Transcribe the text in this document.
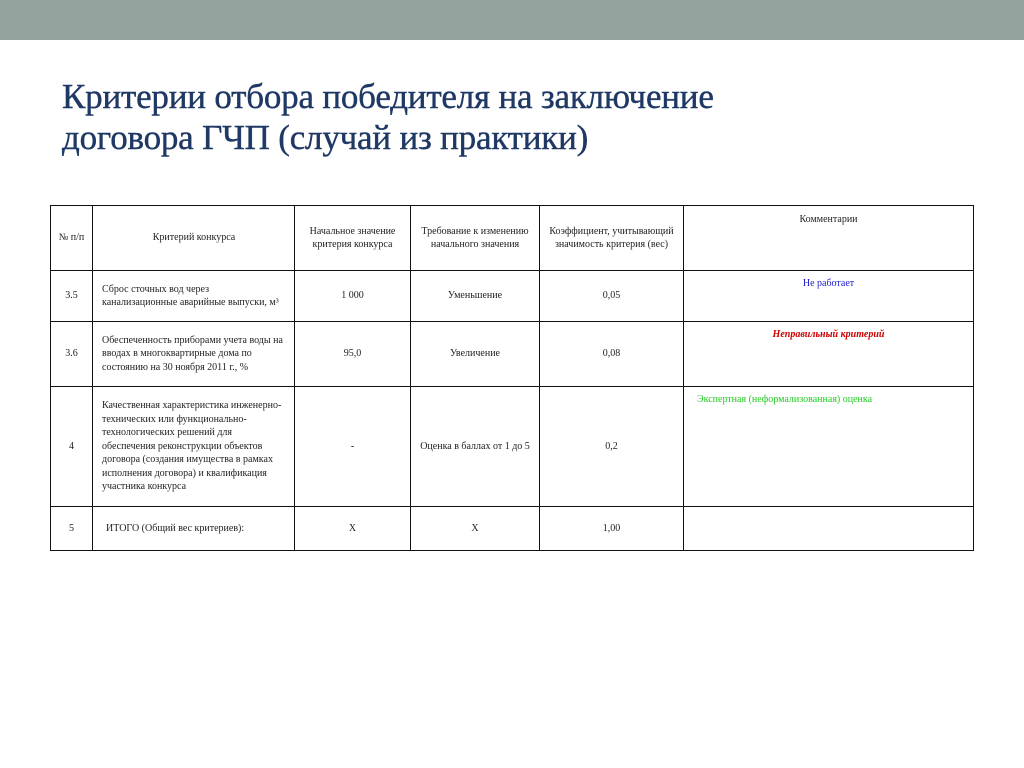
Критерии отбора победителя на заключение
договора ГЧП (случай из практики)
№ п/п	Критерий конкурса	Начальное значение критерия конкурса	Требование к изменению начального значения	Коэффициент, учитывающий значимость критерия (вес)	Комментарии
3.5	Сброс сточных вод через канализационные аварийные выпуски, м³	1 000	Уменьшение	0,05	Не работает

3.6	Обеспеченность приборами учета воды на вводах в многоквартирные дома по состоянию на 30 ноября 2011 г., %	95,0	Увеличение	0,08	Неправильный критерий

4	Качественная характеристика инженерно-технических или функционально-технологических решений для обеспечения реконструкции объектов договора (создания имущества в рамках исполнения договора) и квалификация участника конкурса	-	Оценка в баллах от 1 до 5	0,2	Экспертная (неформализованная) оценка

5	ИТОГО (Общий вес критериев):	Х	Х	1,00	
